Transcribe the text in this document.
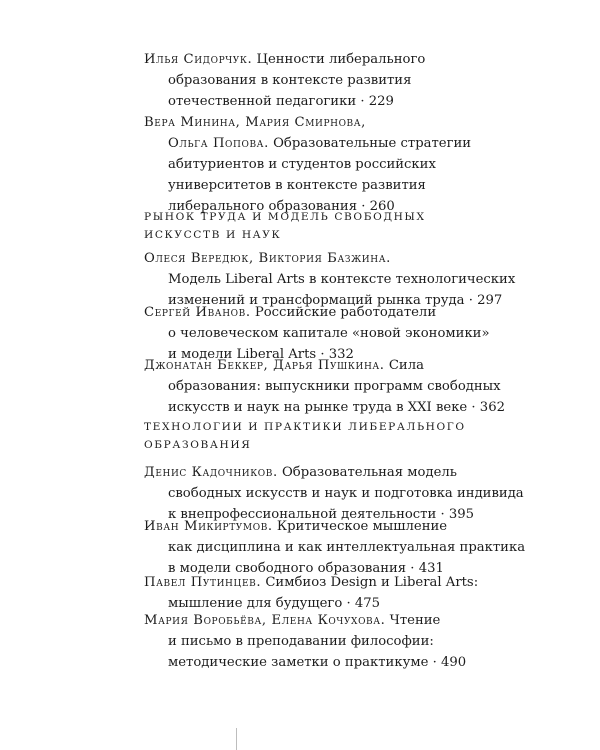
Илья Сидорчук. Ценности либерального
образования в контексте развития
отечественной педагогики · 229
Вера Минина, Мария Смирнова,
Ольга Попова. Образовательные стратегии
абитуриентов и студентов российских
университетов в контексте развития
либерального образования · 260
РЫНОК ТРУДА И МОДЕЛЬ СВОБОДНЫХ
ИСКУССТВ И НАУК
Олеся Вередюк, Виктория Базжина.
Модель Liberal Arts в контексте технологических
изменений и трансформаций рынка труда · 297
Сергей Иванов. Российские работодатели
о человеческом капитале «новой экономики»
и модели Liberal Arts · 332
Джонатан Беккер, Дарья Пушкина. Сила
образования: выпускники программ свободных
искусств и наук на рынке труда в XXI веке · 362
ТЕХНОЛОГИИ И ПРАКТИКИ ЛИБЕРАЛЬНОГО
ОБРАЗОВАНИЯ
Денис Кадочников. Образовательная модель
свободных искусств и наук и подготовка индивида
к внепрофессиональной деятельности · 395
Иван Микиртумов. Критическое мышление
как дисциплина и как интеллектуальная практика
в модели свободного образования · 431
Павел Путинцев. Симбиоз Design и Liberal Arts:
мышление для будущего · 475
Мария Воробьёва, Елена Кочухова. Чтение
и письмо в преподавании философии:
методические заметки о практикуме · 490
